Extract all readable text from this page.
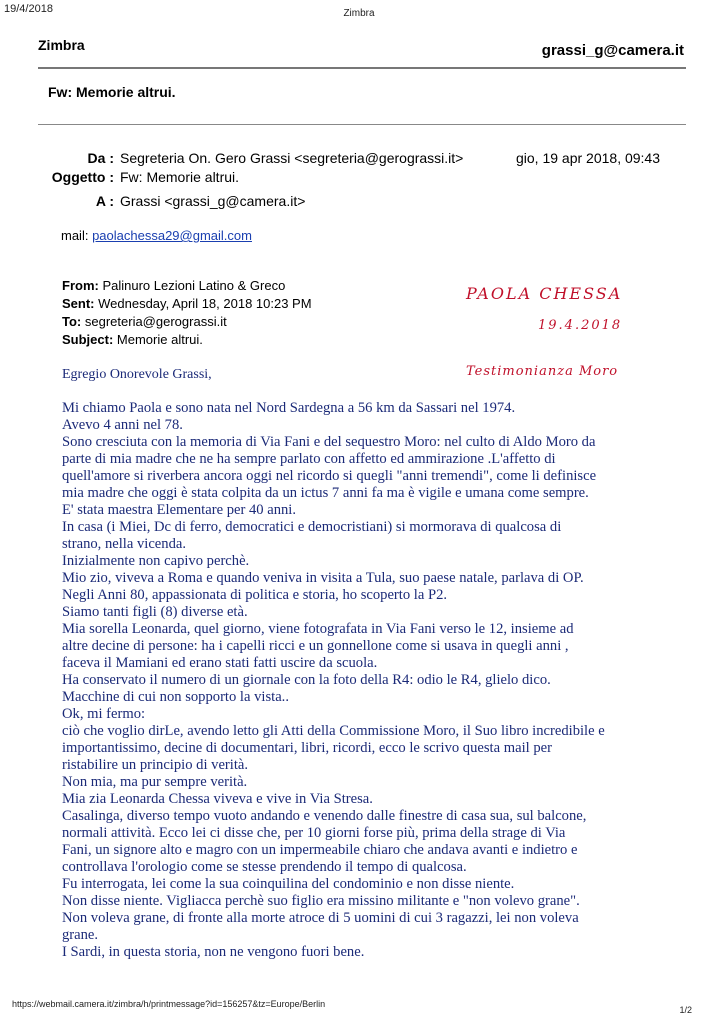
19/4/2018	Zimbra
Zimbra	grassi_g@camera.it
Fw: Memorie altrui.
Da : Segreteria On. Gero Grassi <segreteria@gerograssi.it>	gio, 19 apr 2018, 09:43
Oggetto : Fw: Memorie altrui.
A : Grassi <grassi_g@camera.it>
mail: paolachessa29@gmail.com
From: Palinuro Lezioni Latino & Greco
Sent: Wednesday, April 18, 2018 10:23 PM
To: segreteria@gerograssi.it
Subject: Memorie altrui.
PAOLA CHESSA
19.4.2018
Testimonianza Moro
Egregio Onorevole Grassi,
Mi chiamo Paola e sono nata nel Nord Sardegna a 56 km da Sassari nel 1974.
Avevo 4 anni nel 78.
Sono cresciuta con la memoria di Via Fani e del sequestro Moro: nel culto di Aldo Moro da
parte di mia madre che ne ha sempre parlato con affetto ed ammirazione .L'affetto di
quell'amore si riverbera ancora oggi nel ricordo si quegli "anni tremendi", come li definisce
mia madre che oggi è stata colpita da un ictus 7 anni fa ma è vigile e umana come sempre.
E' stata maestra Elementare per 40 anni.
In casa (i Miei, Dc di ferro, democratici e democristiani) si mormorava di qualcosa di
strano, nella vicenda.
Inizialmente non capivo perchè.
Mio zio, viveva a Roma e quando veniva in visita a Tula, suo paese natale, parlava di OP.
Negli Anni 80, appassionata di politica e storia, ho scoperto la P2.
Siamo tanti figli (8) diverse età.
Mia sorella Leonarda, quel giorno, viene fotografata in Via Fani verso le 12, insieme ad
altre decine di persone: ha i capelli ricci e un gonnellone come si usava in quegli anni ,
faceva il Mamiani ed erano stati fatti uscire da scuola.
Ha conservato il numero di un giornale con la foto della R4: odio le R4, glielo dico.
Macchine di cui non sopporto la vista..
Ok, mi fermo:
ciò che voglio dirLe, avendo letto gli Atti della Commissione Moro, il Suo libro incredibile e
importantissimo, decine di documentari, libri, ricordi, ecco le scrivo questa mail per
ristabilire un principio di verità.
Non mia, ma pur sempre verità.
Mia zia Leonarda Chessa viveva e vive in Via Stresa.
Casalinga, diverso tempo vuoto andando e venendo dalle finestre di casa sua, sul balcone,
normali attività. Ecco lei ci disse che, per 10 giorni forse più, prima della strage di Via
Fani, un signore alto e magro con un impermeabile chiaro che andava avanti e indietro e
controllava l'orologio come se stesse prendendo il tempo di qualcosa.
Fu interrogata, lei come la sua coinquilina del condominio e non disse niente.
Non disse niente. Vigliacca perchè suo figlio era missino militante e "non volevo grane".
Non voleva grane, di fronte alla morte atroce di 5 uomini di cui 3 ragazzi, lei non voleva
grane.
I Sardi, in questa storia, non ne vengono fuori bene.
https://webmail.camera.it/zimbra/h/printmessage?id=156257&tz=Europe/Berlin
1/2
